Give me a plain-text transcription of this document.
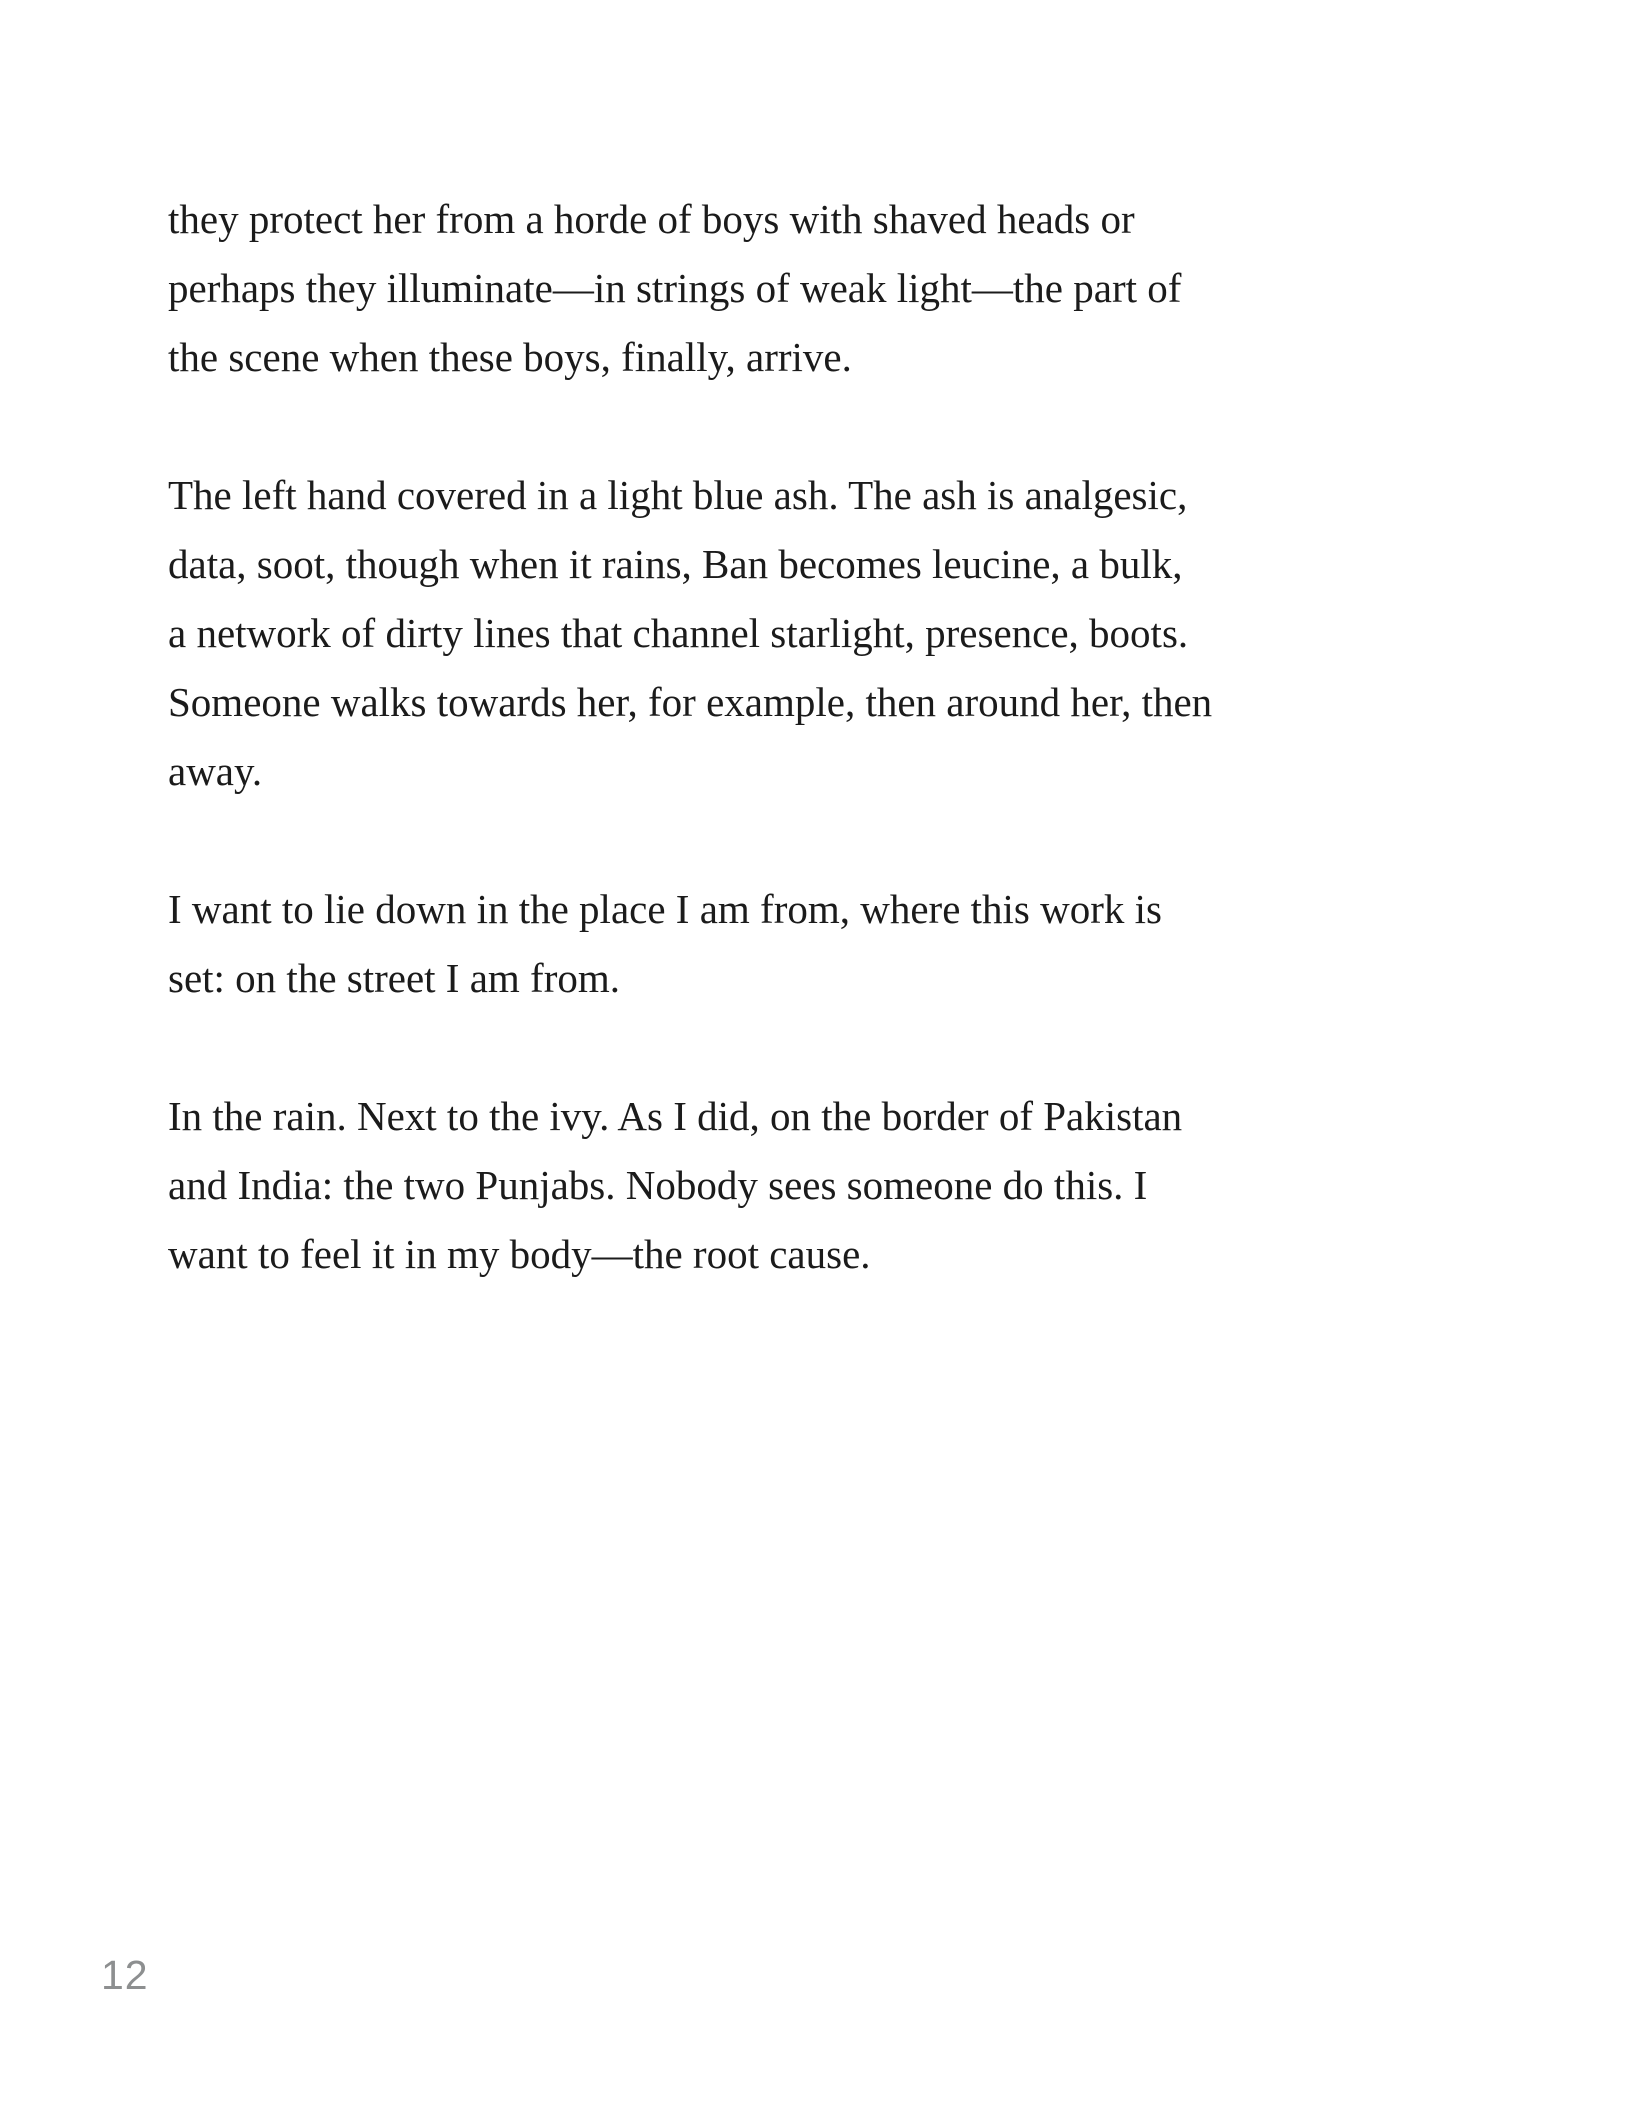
they protect her from a horde of boys with shaved heads or
perhaps they illuminate—in strings of weak light—the part of
the scene when these boys, finally, arrive.
The left hand covered in a light blue ash. The ash is analgesic,
data, soot, though when it rains, Ban becomes leucine, a bulk,
a network of dirty lines that channel starlight, presence, boots.
Someone walks towards her, for example, then around her, then
away.
I want to lie down in the place I am from, where this work is
set: on the street I am from.
In the rain. Next to the ivy. As I did, on the border of Pakistan
and India: the two Punjabs. Nobody sees someone do this. I
want to feel it in my body—the root cause.
12
